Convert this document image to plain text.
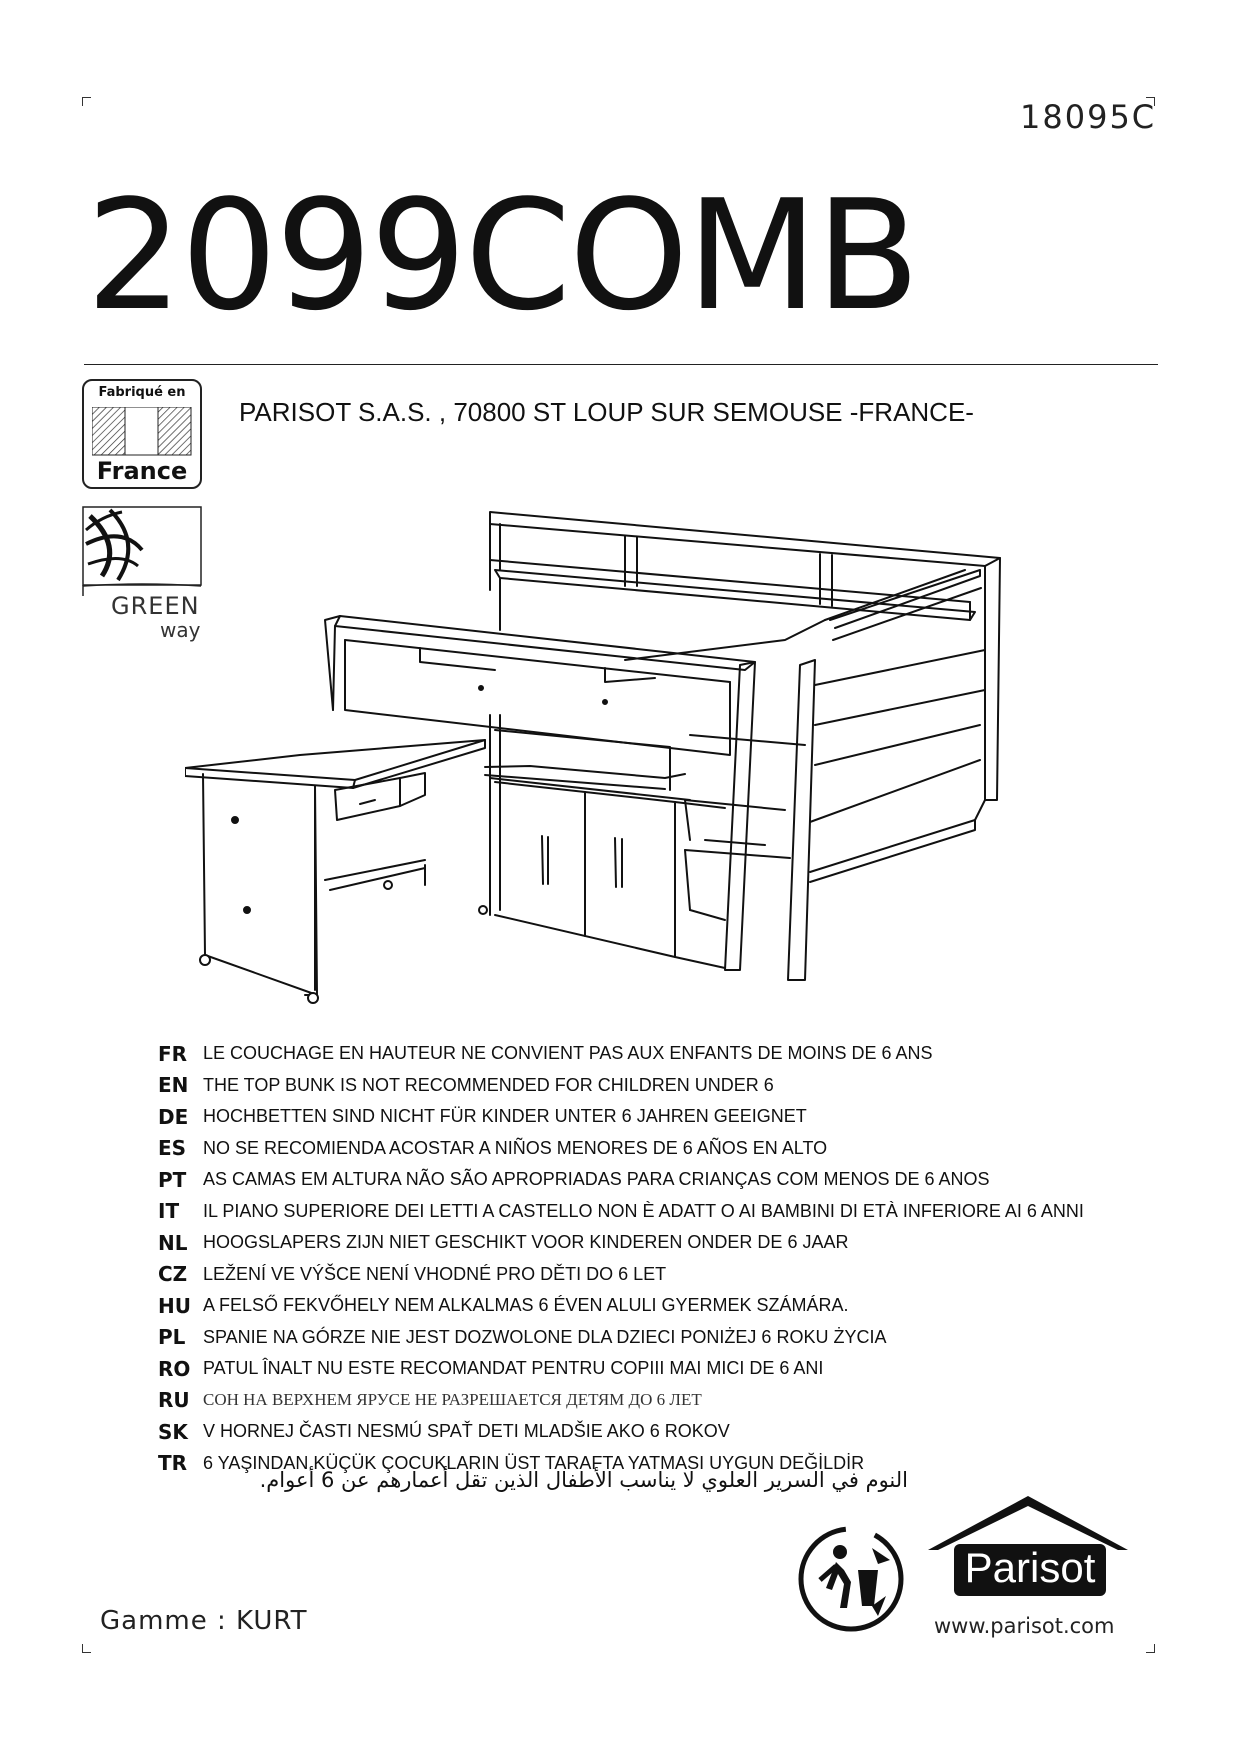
18095C
2099COMB
Fabriqué en
France
GREEN
way
PARISOT S.A.S. , 70800 ST LOUP SUR SEMOUSE -FRANCE-
FR LE COUCHAGE EN HAUTEUR NE CONVIENT PAS AUX ENFANTS DE MOINS DE 6 ANS
EN THE TOP BUNK IS NOT RECOMMENDED FOR CHILDREN UNDER 6
DE HOCHBETTEN SIND NICHT FÜR KINDER UNTER 6 JAHREN GEEIGNET
ES NO SE RECOMIENDA ACOSTAR A NIÑOS MENORES DE 6 AÑOS EN ALTO
PT AS CAMAS EM ALTURA NÃO SÃO APROPRIADAS PARA CRIANÇAS COM MENOS DE 6 ANOS
IT	IL PIANO SUPERIORE DEI LETTI A CASTELLO NON È ADATT O AI BAMBINI DI ETÀ INFERIORE AI 6 ANNI
NL HOOGSLAPERS ZIJN NIET GESCHIKT VOOR KINDEREN ONDER DE 6 JAAR
CZ LEŽENÍ VE VÝŠCE NENÍ VHODNÉ PRO DĚTI DO 6 LET
HU A FELSŐ FEKVŐHELY NEM ALKALMAS 6 ÉVEN ALULI GYERMEK SZÁMÁRA.
PL SPANIE NA GÓRZE NIE JEST DOZWOLONE DLA DZIECI PONIŻEJ 6 ROKU ŻYCIA
RO PATUL ÎNALT NU ESTE RECOMANDAT PENTRU COPIII MAI MICI DE 6 ANI
RU СОН НА ВЕРХНЕМ ЯРУСЕ НЕ РАЗРЕШАЕТСЯ ДЕТЯМ ДО 6 ЛЕТ
SK V HORNEJ ČASTI NESMÚ SPAŤ DETI MLADŠIE AKO 6 ROKOV
TR 6 YAŞINDAN KÜÇÜK ÇOCUKLARIN ÜST TARAFTA YATMASI UYGUN DEĞİLDİR
النوم في السرير العلوي لا يناسب الأطفال الذين تقل أعمارهم عن 6 أعوام.
Gamme : KURT
Parisot
www.parisot.com
